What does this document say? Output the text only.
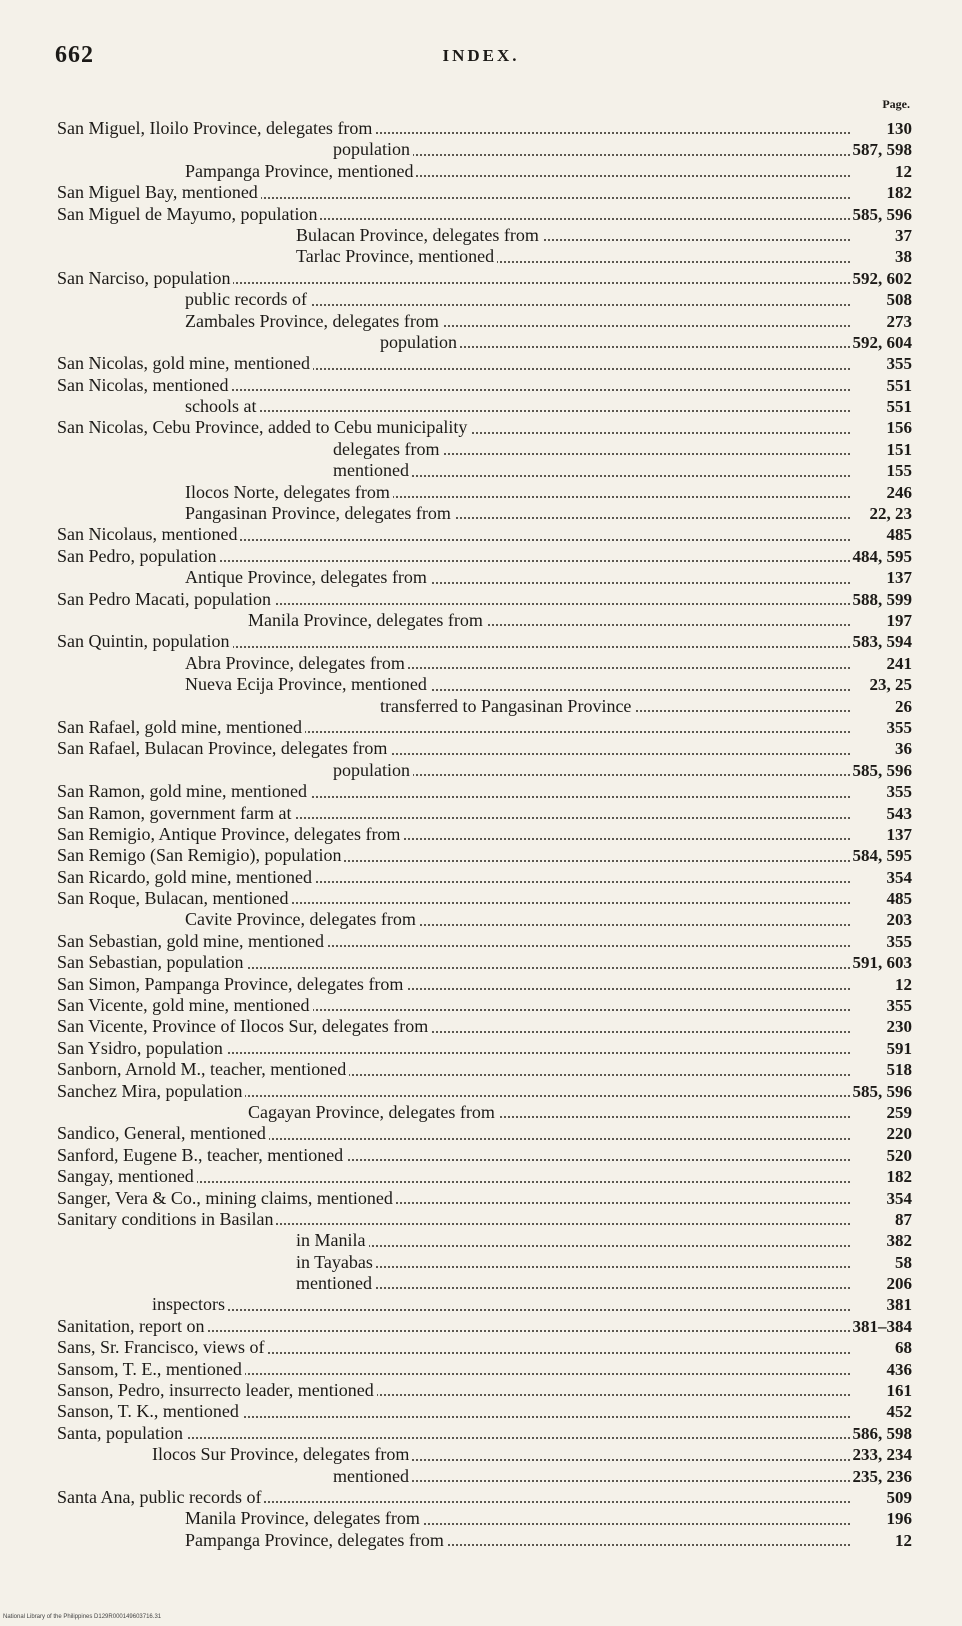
662	INDEX.
Page.
San Miguel, Iloilo Province, delegates from	130
population	587, 598
Pampanga Province, mentioned	12
San Miguel Bay, mentioned	182
San Miguel de Mayumo, population	585, 596
Bulacan Province, delegates from	37
Tarlac Province, mentioned	38
San Narciso, population	592, 602
public records of	508
Zambales Province, delegates from	273
population	592, 604
San Nicolas, gold mine, mentioned	355
San Nicolas, mentioned	551
schools at	551
San Nicolas, Cebu Province, added to Cebu municipality	156
delegates from	151
mentioned	155
Ilocos Norte, delegates from	246
Pangasinan Province, delegates from	22, 23
San Nicolaus, mentioned	485
San Pedro, population	484, 595
Antique Province, delegates from	137
San Pedro Macati, population	588, 599
Manila Province, delegates from	197
San Quintin, population	583, 594
Abra Province, delegates from	241
Nueva Ecija Province, mentioned	23, 25
transferred to Pangasinan Province	26
San Rafael, gold mine, mentioned	355
San Rafael, Bulacan Province, delegates from	36
population	585, 596
San Ramon, gold mine, mentioned	355
San Ramon, government farm at	543
San Remigio, Antique Province, delegates from	137
San Remigo (San Remigio), population	584, 595
San Ricardo, gold mine, mentioned	354
San Roque, Bulacan, mentioned	485
Cavite Province, delegates from	203
San Sebastian, gold mine, mentioned	355
San Sebastian, population	591, 603
San Simon, Pampanga Province, delegates from	12
San Vicente, gold mine, mentioned	355
San Vicente, Province of Ilocos Sur, delegates from	230
San Ysidro, population	591
Sanborn, Arnold M., teacher, mentioned	518
Sanchez Mira, population	585, 596
Cagayan Province, delegates from	259
Sandico, General, mentioned	220
Sanford, Eugene B., teacher, mentioned	520
Sangay, mentioned	182
Sanger, Vera & Co., mining claims, mentioned	354
Sanitary conditions in Basilan	87
in Manila	382
in Tayabas	58
mentioned	206
inspectors	381
Sanitation, report on	381–384
Sans, Sr. Francisco, views of	68
Sansom, T. E., mentioned	436
Sanson, Pedro, insurrecto leader, mentioned	161
Sanson, T. K., mentioned	452
Santa, population	586, 598
Ilocos Sur Province, delegates from	233, 234
mentioned	235, 236
Santa Ana, public records of	509
Manila Province, delegates from	196
Pampanga Province, delegates from	12
National Library of the Philippines D129R000149603716.31
